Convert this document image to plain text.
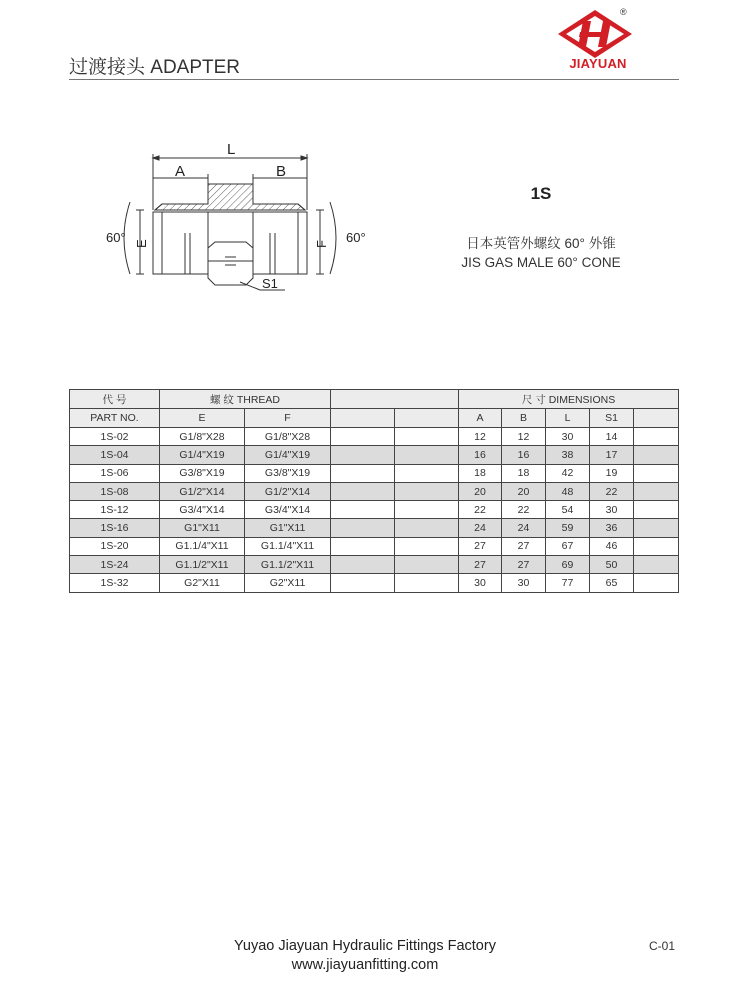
过渡接头 ADAPTER
®
JIAYUAN
L
A	B
E	F
S1
60°	60°
1S
日本英管外螺纹 60° 外锥
JIS GAS MALE 60° CONE
代 号	螺 纹 THREAD				尺 寸 DIMENSIONS				
PART NO.	E	F			A	B	L	S1	
1S-02	G1/8"X28	G1/8"X28			12	12	30	14	
1S-04	G1/4"X19	G1/4"X19			16	16	38	17	
1S-06	G3/8"X19	G3/8"X19			18	18	42	19	
1S-08	G1/2"X14	G1/2"X14			20	20	48	22	
1S-12	G3/4"X14	G3/4"X14			22	22	54	30	
1S-16	G1"X11	G1"X11			24	24	59	36	
1S-20	G1.1/4"X11	G1.1/4"X11			27	27	67	46	
1S-24	G1.1/2"X11	G1.1/2"X11			27	27	69	50	
1S-32	G2"X11	G2"X11			30	30	77	65	
Yuyao Jiayuan Hydraulic Fittings Factory
www.jiayuanfitting.com
C-01
